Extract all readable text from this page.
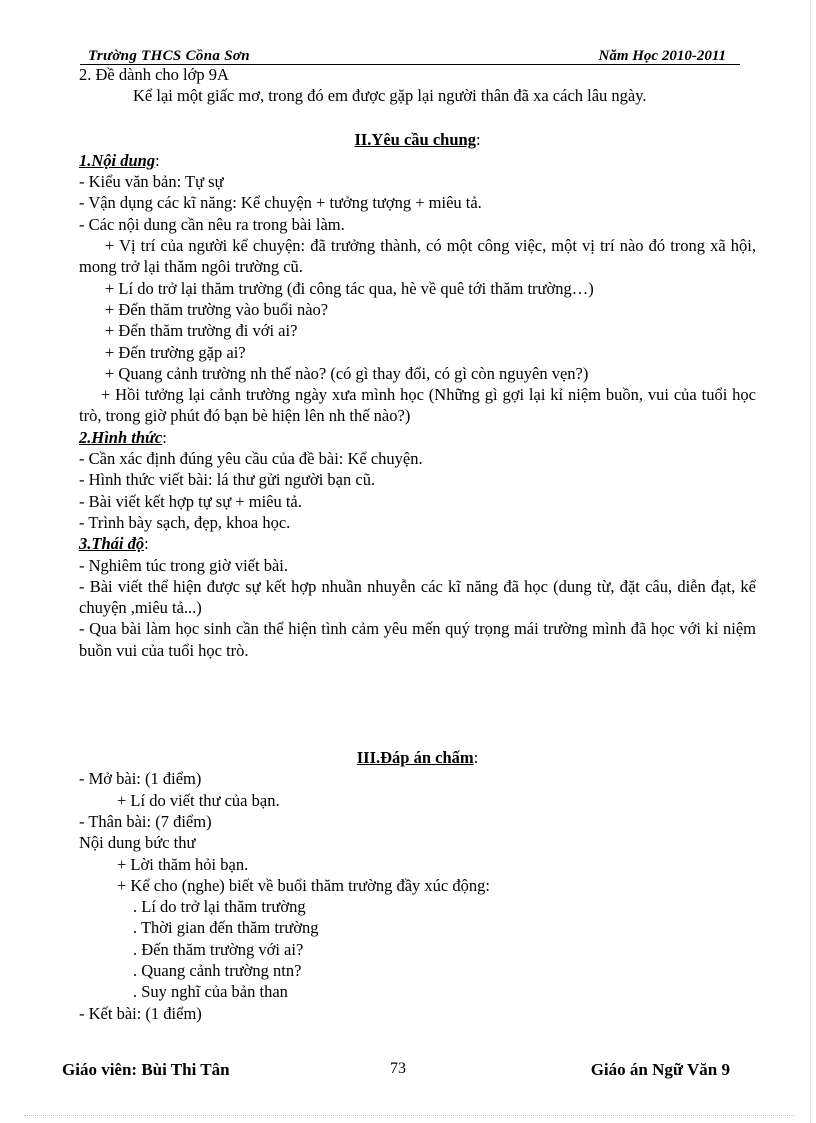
Trường THCS Cồna Sơn	Năm Học 2010-2011

2. Đề dành cho lớp 9A

Kể lại một giấc mơ, trong đó em được gặp lại người thân đã xa cách lâu ngày.

II.Yêu cầu chung:

1.Nội dung:

- Kiểu văn bản: Tự sự

- Vận dụng các kĩ năng: Kể chuyện + tưởng tượng + miêu tả.

- Các nội dung cần nêu ra trong bài làm.

+ Vị trí của người kể chuyện: đã trưởng thành, có một công việc, một vị trí nào đó trong xã hội, mong trở lại thăm ngôi trường cũ.

+ Lí do trở lại thăm trường (đi công tác qua, hè về quê tới thăm trường…)

+ Đến thăm trường vào buổi nào?

+ Đến thăm trường đi với ai?

+ Đến trường gặp ai?

+ Quang cảnh trường nh thế nào? (có gì thay đổi, có gì còn nguyên vẹn?)

+ Hồi tưởng lại cảnh trường ngày xưa mình học (Những gì gợi lại kỉ niệm buồn, vui của tuổi học trò, trong giờ phút đó bạn bè hiện lên nh thế nào?)

2.Hình thức:

- Cần xác định đúng yêu cầu của đề bài: Kể chuyện.

- Hình thức viết bài: lá thư gửi người bạn cũ.

- Bài viết kết hợp tự sự + miêu tả.

- Trình bày sạch, đẹp, khoa học.

3.Thái độ:

- Nghiêm túc trong giờ viết bài.

- Bài viết thể hiện được sự kết hợp nhuần nhuyễn các kĩ năng đã học (dung từ, đặt câu, diễn đạt, kể chuyện ,miêu tả...)

- Qua bài làm học sinh cần thể hiện tình cảm yêu mến quý trọng mái trường mình đã học với kỉ niệm buồn vui của tuổi học trò.

III.Đáp án chấm:

- Mở bài: (1 điểm)

+ Lí do viết thư của bạn.

- Thân bài: (7 điểm)

Nội dung bức thư

+ Lời thăm hỏi bạn.

+ Kể cho (nghe) biết về buổi thăm trường đầy xúc động:

. Lí do trở lại thăm trường

. Thời gian đến thăm trường

. Đến thăm trường với ai?

. Quang cảnh trường ntn?

. Suy nghĩ của bản than

- Kết bài: (1 điểm)

Giáo viên: Bùi Thi Tân	73	Giáo án Ngữ Văn 9
